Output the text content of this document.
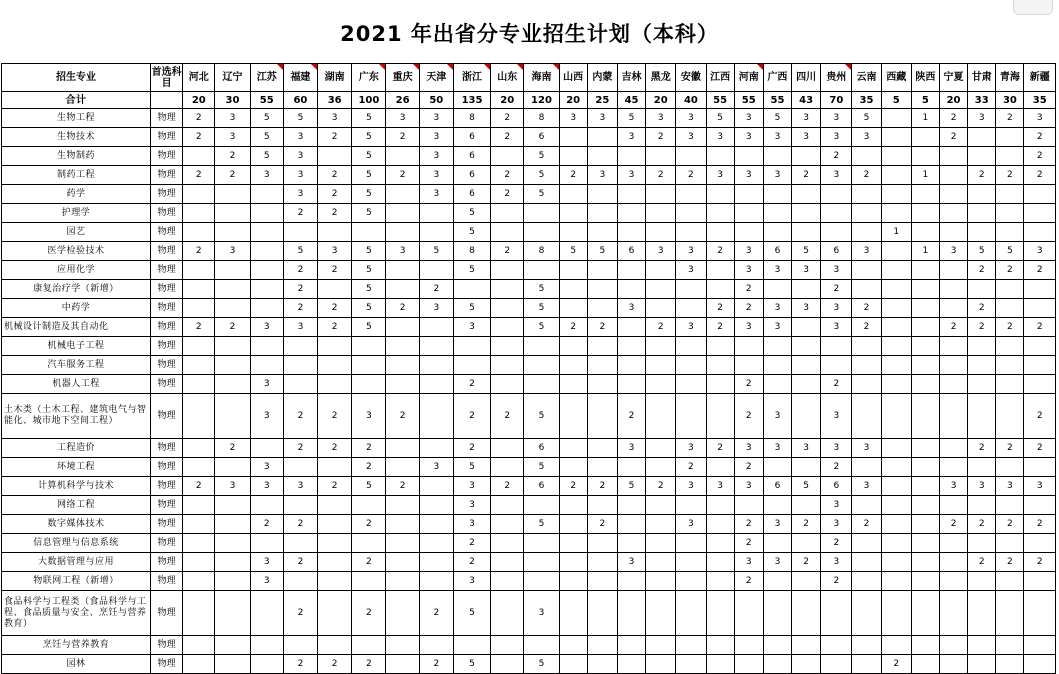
2021 年出省分专业招生计划（本科）
招生专业	首选科目	河北	辽宁	江苏	福建	湖南	广东	重庆	天津	浙江	山东	海南	山西	内蒙	吉林	黑龙	安徽	江西	河南	广西	四川	贵州	云南	西藏	陕西	宁夏	甘肃	青海	新疆
合计		20	30	55	60	36	100	26	50	135	20	120	20	25	45	20	40	55	55	55	43	70	35	5	5	20	33	30	35
生物工程	物理	2	3	5	5	3	5	3	3	8	2	8	3	3	5	3	3	5	3	5	3	3	5		1	2	3	2	3
生物技术	物理	2	3	5	3	2	5	2	3	6	2	6			3	2	3	3	3	3	3	3	3			2			2
生物制药	物理		2	5	3		5		3	6		5										2							2
制药工程	物理	2	2	3	3	2	5	2	3	6	2	5	2	3	3	2	2	3	3	3	2	3	2		1		2	2	2
药学	物理				3	2	5		3	6	2	5																	
护理学	物理				2	2	5			5																			
园艺	物理									5														1					
医学检验技术	物理	2	3		5	3	5	3	5	8	2	8	5	5	6	3	3	2	3	6	5	6	3		1	3	5	5	3
应用化学	物理				2	2	5			5							3		3	3	3	3					2	2	2
康复治疗学（新增）	物理				2		5		2			5							2			2							
中药学	物理				2	2	5	2	3	5		5			3			2	2	3	3	3	2				2		
机械设计制造及其自动化	物理	2	2	3	3	2	5			3		5	2	2		2	3	2	3	3		3	2			2	2	2	2
机械电子工程	物理																												
汽车服务工程	物理																												
机器人工程	物理			3						2									2			2							
土木类（土木工程、建筑电气与智能化、城市地下空间工程）	物理			3	2	2	3	2		2	2	5			2				2	3		3							2
工程造价	物理		2		2	2	2			2		6			3		3	2	3	3	3	3	3				2	2	2
环境工程	物理			3			2		3	5		5					2		2			2							
计算机科学与技术	物理	2	3	3	3	2	5	2		3	2	6	2	2	5	2	3	3	3	6	5	6	3			3	3	3	3
网络工程	物理									3												3							
数字媒体技术	物理			2	2		2			3		5		2			3		2	3	2	3	2			2	2	2	2
信息管理与信息系统	物理									2									2			2							
大数据管理与应用	物理			3	2		2			2					3				3	3	2	3					2	2	2
物联网工程（新增）	物理			3						3									2			2							
食品科学与工程类（食品科学与工程、食品质量与安全、烹饪与营养教育）	物理				2		2		2	5		3																	
烹饪与营养教育	物理																												
园林	物理				2	2	2		2	5		5												2					
